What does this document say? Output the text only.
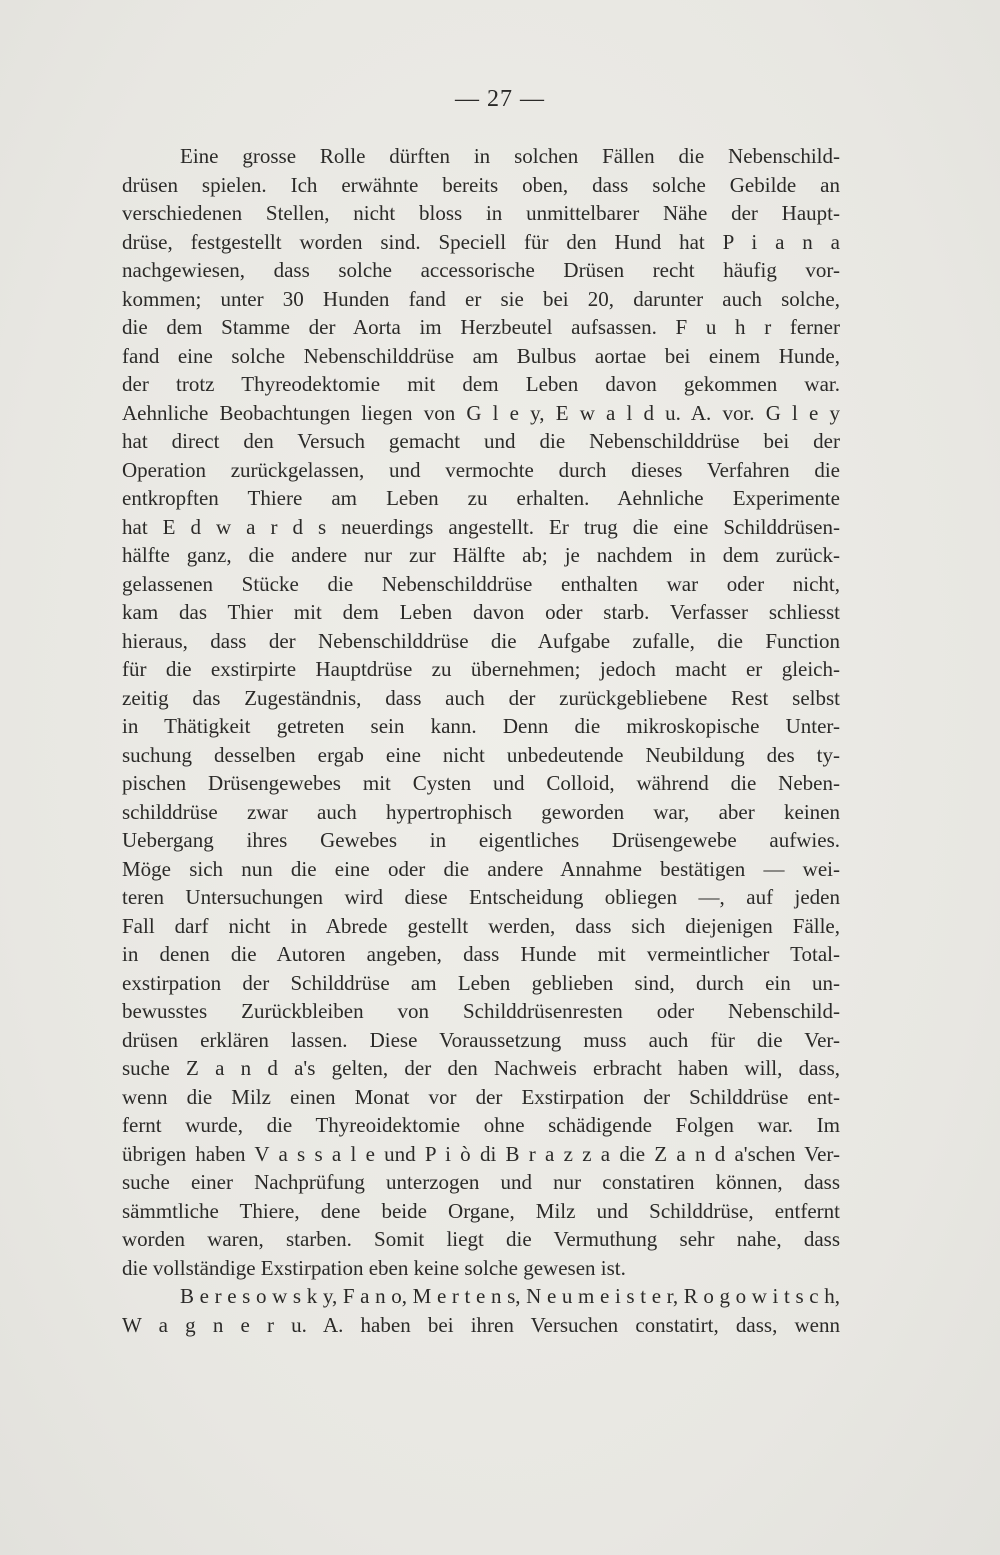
— 27 —
Eine grosse Rolle dürften in solchen Fällen die Nebenschild-
drüsen spielen. Ich erwähnte bereits oben, dass solche Gebilde an
verschiedenen Stellen, nicht bloss in unmittelbarer Nähe der Haupt-
drüse, festgestellt worden sind. Speciell für den Hund hat P i a n a
nachgewiesen, dass solche accessorische Drüsen recht häufig vor-
kommen; unter 30 Hunden fand er sie bei 20, darunter auch solche,
die dem Stamme der Aorta im Herzbeutel aufsassen. F u h r ferner
fand eine solche Nebenschilddrüse am Bulbus aortae bei einem Hunde,
der trotz Thyreodektomie mit dem Leben davon gekommen war.
Aehnliche Beobachtungen liegen von G l e y, E w a l d u. A. vor. G l e y
hat direct den Versuch gemacht und die Nebenschilddrüse bei der
Operation zurückgelassen, und vermochte durch dieses Verfahren die
entkropften Thiere am Leben zu erhalten. Aehnliche Experimente
hat E d w a r d s neuerdings angestellt. Er trug die eine Schilddrüsen-
hälfte ganz, die andere nur zur Hälfte ab; je nachdem in dem zurück-
gelassenen Stücke die Nebenschilddrüse enthalten war oder nicht,
kam das Thier mit dem Leben davon oder starb. Verfasser schliesst
hieraus, dass der Nebenschilddrüse die Aufgabe zufalle, die Function
für die exstirpirte Hauptdrüse zu übernehmen; jedoch macht er gleich-
zeitig das Zugeständnis, dass auch der zurückgebliebene Rest selbst
in Thätigkeit getreten sein kann. Denn die mikroskopische Unter-
suchung desselben ergab eine nicht unbedeutende Neubildung des ty-
pischen Drüsengewebes mit Cysten und Colloid, während die Neben-
schilddrüse zwar auch hypertrophisch geworden war, aber keinen
Uebergang ihres Gewebes in eigentliches Drüsengewebe aufwies.
Möge sich nun die eine oder die andere Annahme bestätigen — wei-
teren Untersuchungen wird diese Entscheidung obliegen —, auf jeden
Fall darf nicht in Abrede gestellt werden, dass sich diejenigen Fälle,
in denen die Autoren angeben, dass Hunde mit vermeintlicher Total-
exstirpation der Schilddrüse am Leben geblieben sind, durch ein un-
bewusstes Zurückbleiben von Schilddrüsenresten oder Nebenschild-
drüsen erklären lassen. Diese Voraussetzung muss auch für die Ver-
suche Z a n d a's gelten, der den Nachweis erbracht haben will, dass,
wenn die Milz einen Monat vor der Exstirpation der Schilddrüse ent-
fernt wurde, die Thyreoidektomie ohne schädigende Folgen war. Im
übrigen haben V a s s a l e und P i ò di B r a z z a die Z a n d a'schen Ver-
suche einer Nachprüfung unterzogen und nur constatiren können, dass
sämmtliche Thiere, dene beide Organe, Milz und Schilddrüse, entfernt
worden waren, starben. Somit liegt die Vermuthung sehr nahe, dass
die vollständige Exstirpation eben keine solche gewesen ist.
B e r e s o w s k y, F a n o, M e r t e n s, N e u m e i s t e r, R o g o w i t s c h,
W a g n e r u. A. haben bei ihren Versuchen constatirt, dass, wenn
